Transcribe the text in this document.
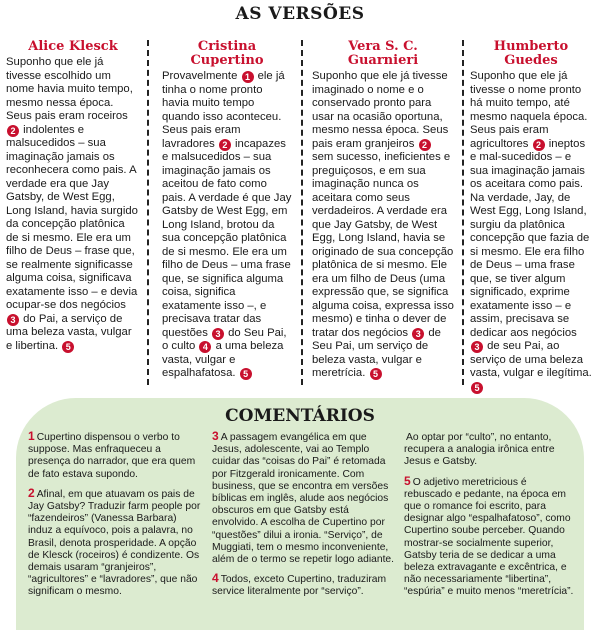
AS VERSÕES
Alice Klesck
Suponho que ele já tivesse escolhido um nome havia muito tempo, mesmo nessa época. Seus pais eram roceiros 2 indolentes e malsucedidos – sua imaginação jamais os reconhecera como pais. A verdade era que Jay Gatsby, de West Egg, Long Island, havia surgido da concepção platônica de si mesmo. Ele era um filho de Deus – frase que, se realmente significasse alguma coisa, significava exatamente isso – e devia ocupar-se dos negócios 3 do Pai, a serviço de uma beleza vasta, vulgar e libertina. 5
Cristina Cupertino
Provavelmente 1 ele já tinha o nome pronto havia muito tempo quando isso aconteceu. Seus pais eram lavradores 2 incapazes e malsucedidos – sua imaginação jamais os aceitou de fato como pais. A verdade é que Jay Gatsby de West Egg, em Long Island, brotou da sua concepção platônica de si mesmo. Ele era um filho de Deus – uma frase que, se significa alguma coisa, significa exatamente isso –, e precisava tratar das questões 3 do Seu Pai, o culto 4 a uma beleza vasta, vulgar e espalhafatosa. 5
Vera S. C. Guarnieri
Suponho que ele já tivesse imaginado o nome e o conservado pronto para usar na ocasião oportuna, mesmo nessa época. Seus pais eram granjeiros 2 sem sucesso, ineficientes e preguiçosos, e em sua imaginação nunca os aceitara como seus verdadeiros. A verdade era que Jay Gatsby, de West Egg, Long Island, havia se originado de sua concepção platônica de si mesmo. Ele era um filho de Deus (uma expressão que, se significa alguma coisa, expressa isso mesmo) e tinha o dever de tratar dos negócios 3 de Seu Pai, um serviço de beleza vasta, vulgar e meretrícia. 5
Humberto Guedes
Suponho que ele já tivesse o nome pronto há muito tempo, até mesmo naquela época. Seus pais eram agricultores 2 ineptos e mal-sucedidos – e sua imaginação jamais os aceitara como pais. Na verdade, Jay, de West Egg, Long Island, surgiu da platônica concepção que fazia de si mesmo. Ele era filho de Deus – uma frase que, se tiver algum significado, exprime exatamente isso – e assim, precisava se dedicar aos negócios 3 de seu Pai, ao serviço de uma beleza vasta, vulgar e ilegítima. 5
COMENTÁRIOS

1 Cupertino dispensou o verbo to suppose. Mas enfraqueceu a presença do narrador, que era quem de fato estava supondo.

2 Afinal, em que atuavam os pais de Jay Gatsby? Traduzir farm people por “fazendeiros” (Vanessa Barbara) induz a equívoco, pois a palavra, no Brasil, denota prosperidade. A opção de Klesck (roceiros) é condizente. Os demais usaram “granjeiros”, “agricultores” e “lavradores”, que não significam o mesmo.

3 A passagem evangélica em que Jesus, adolescente, vai ao Templo cuidar das “coisas do Pai” é retomada por Fitzgerald ironicamente. Com business, que se encontra em versões bíblicas em inglês, alude aos negócios obscuros em que Gatsby está envolvido. A escolha de Cupertino por “questões” dilui a ironia. “Serviço”, de Muggiati, tem o mesmo inconveniente, além de o termo se repetir logo adiante.

4 Todos, exceto Cupertino, traduziram service literalmente por “serviço”.

Ao optar por “culto”, no entanto, recupera a analogia irônica entre Jesus e Gatsby.

5 O adjetivo meretricious é rebuscado e pedante, na época em que o romance foi escrito, para designar algo “espalhafatoso”, como Cupertino soube perceber. Quando mostrar-se socialmente superior, Gatsby teria de se dedicar a uma beleza extravagante e excêntrica, e não necessariamente “libertina”, “espúria” e muito menos “meretrícia”.
